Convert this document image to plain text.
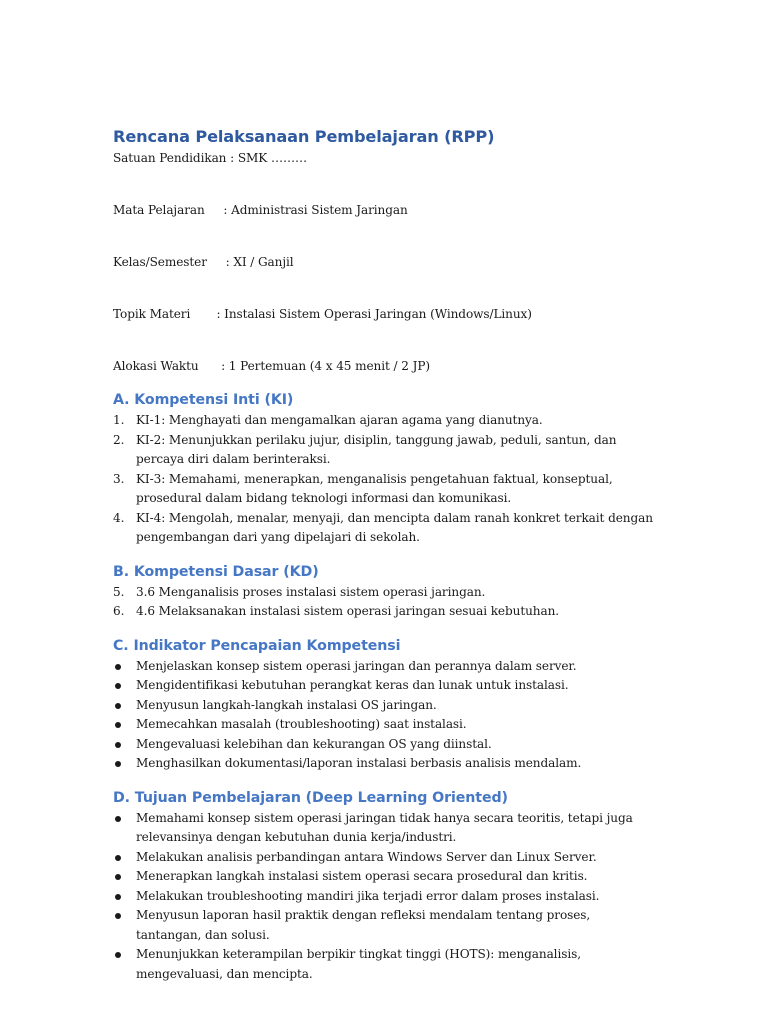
Rencana Pelaksanaan Pembelajaran (RPP)
Satuan Pendidikan : SMK ………
Mata Pelajaran     : Administrasi Sistem Jaringan
Kelas/Semester     : XI / Ganjil
Topik Materi       : Instalasi Sistem Operasi Jaringan (Windows/Linux)
Alokasi Waktu      : 1 Pertemuan (4 x 45 menit / 2 JP)
A. Kompetensi Inti (KI)
1. KI-1: Menghayati dan mengamalkan ajaran agama yang dianutnya.
2. KI-2: Menunjukkan perilaku jujur, disiplin, tanggung jawab, peduli, santun, dan percaya diri dalam berinteraksi.
3. KI-3: Memahami, menerapkan, menganalisis pengetahuan faktual, konseptual, prosedural dalam bidang teknologi informasi dan komunikasi.
4. KI-4: Mengolah, menalar, menyaji, dan mencipta dalam ranah konkret terkait dengan pengembangan dari yang dipelajari di sekolah.
B. Kompetensi Dasar (KD)
5. 3.6 Menganalisis proses instalasi sistem operasi jaringan.
6. 4.6 Melaksanakan instalasi sistem operasi jaringan sesuai kebutuhan.
C. Indikator Pencapaian Kompetensi
Menjelaskan konsep sistem operasi jaringan dan perannya dalam server.
Mengidentifikasi kebutuhan perangkat keras dan lunak untuk instalasi.
Menyusun langkah-langkah instalasi OS jaringan.
Memecahkan masalah (troubleshooting) saat instalasi.
Mengevaluasi kelebihan dan kekurangan OS yang diinstal.
Menghasilkan dokumentasi/laporan instalasi berbasis analisis mendalam.
D. Tujuan Pembelajaran (Deep Learning Oriented)
Memahami konsep sistem operasi jaringan tidak hanya secara teoritis, tetapi juga relevansinya dengan kebutuhan dunia kerja/industri.
Melakukan analisis perbandingan antara Windows Server dan Linux Server.
Menerapkan langkah instalasi sistem operasi secara prosedural dan kritis.
Melakukan troubleshooting mandiri jika terjadi error dalam proses instalasi.
Menyusun laporan hasil praktik dengan refleksi mendalam tentang proses, tantangan, dan solusi.
Menunjukkan keterampilan berpikir tingkat tinggi (HOTS): menganalisis, mengevaluasi, dan mencipta.
